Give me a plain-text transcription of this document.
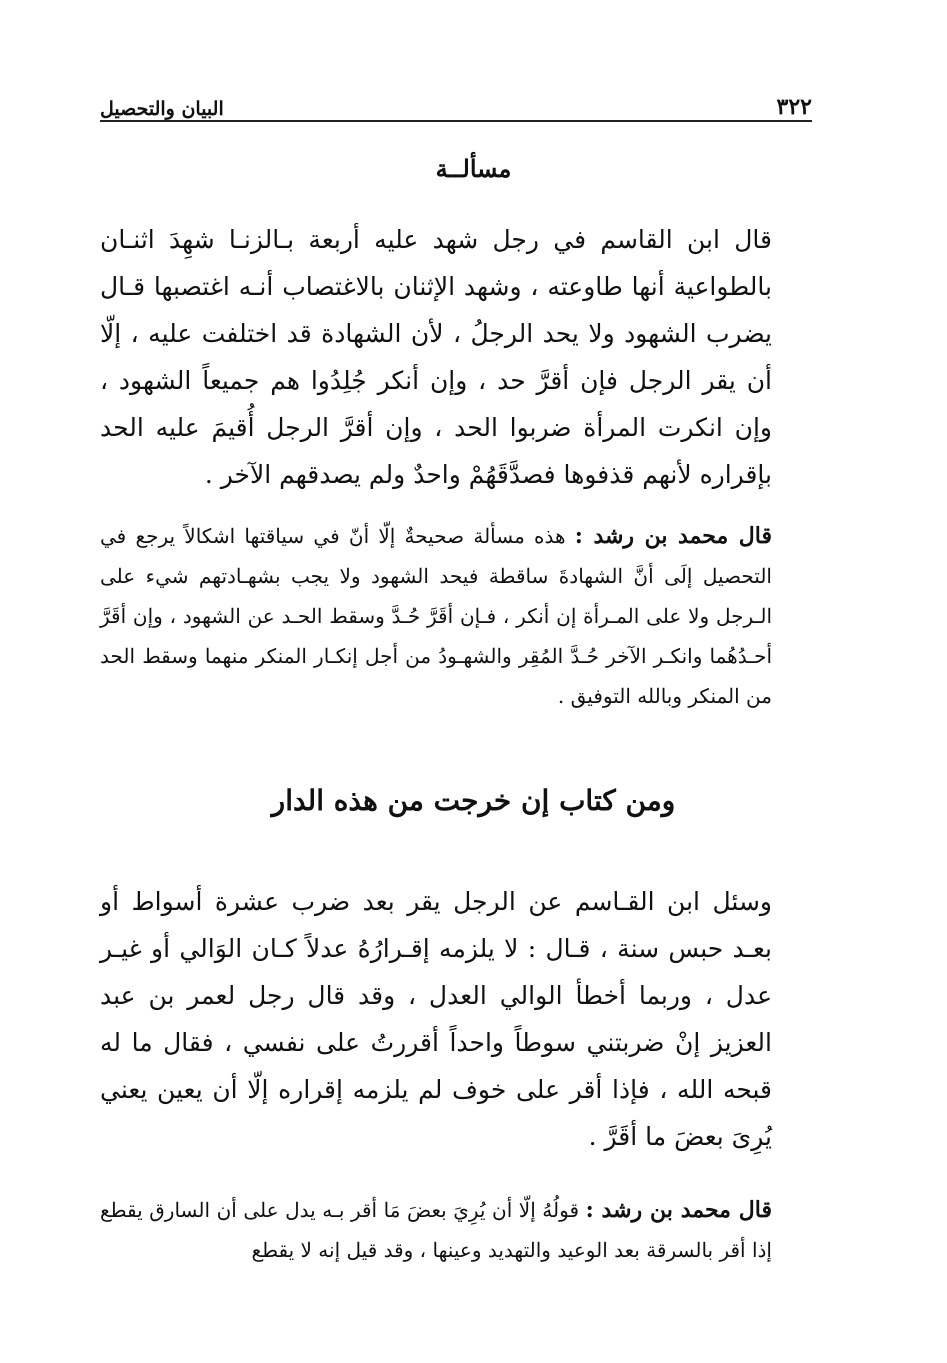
٣٢٢
البيان والتحصيل
مسألــة

قال ابن القاسم في رجل شهد عليه أربعة بـالزنـا شهِدَ اثنـان بالطواعية أنها طاوعته ، وشهد الإثنان بالاغتصاب أنـه اغتصبها قـال يضرب الشهود ولا يحد الرجلُ ، لأن الشهادة قد اختلفت عليه ، إلّا أن يقر الرجل فإن أقرَّ حد ، وإن أنكر جُلِدُوا هم جميعاً الشهود ، وإن انكرت المرأة ضربوا الحد ، وإن أقرَّ الرجل أُقيمَ عليه الحد بإقراره لأنهم قذفوها فصدَّقَهُمْ واحدٌ ولم يصدقهم الآخر .

قال محمد بن رشد : هذه مسألة صحيحةٌ إلّا أنّ في سياقتها اشكالاً يرجع في التحصيل إلَى أنَّ الشهادةَ ساقطة فيحد الشهود ولا يجب بشهـادتهم شيء على الـرجل ولا على المـرأة إن أنكر ، فـإن أقَرَّ حُـدَّ وسقط الحـد عن الشهود ، وإن أقَرَّ أحـدُهُما وانكـر الآخر حُـدَّ المُقِر والشهـودُ من أجل إنكـار المنكر منهما وسقط الحد من المنكر وبالله التوفيق .

ومن كتاب إن خرجت من هذه الدار

وسئل ابن القـاسم عن الرجل يقر بعد ضرب عشرة أسواط أو بعـد حبس سنة ، قـال : لا يلزمه إقـرارُهُ عدلاً كـان الوَالي أو غيـر عدل ، وربما أخطأ الوالي العدل ، وقد قال رجل لعمر بن عبد العزيز إنْ ضربتني سوطاً واحداً أقررتُ على نفسي ، فقال ما له قبحه الله ، فإذا أقر على خوف لم يلزمه إقراره إلّا أن يعين يعني يُرِىَ بعضَ ما أقَرَّ .

قال محمد بن رشد : قولُهُ إلّا أن يُرِيَ بعضَ مَا أقر بـه يدل على أن السارق يقطع إذا أقر بالسرقة بعد الوعيد والتهديد وعينها ، وقد قيل إنه لا يقطع
